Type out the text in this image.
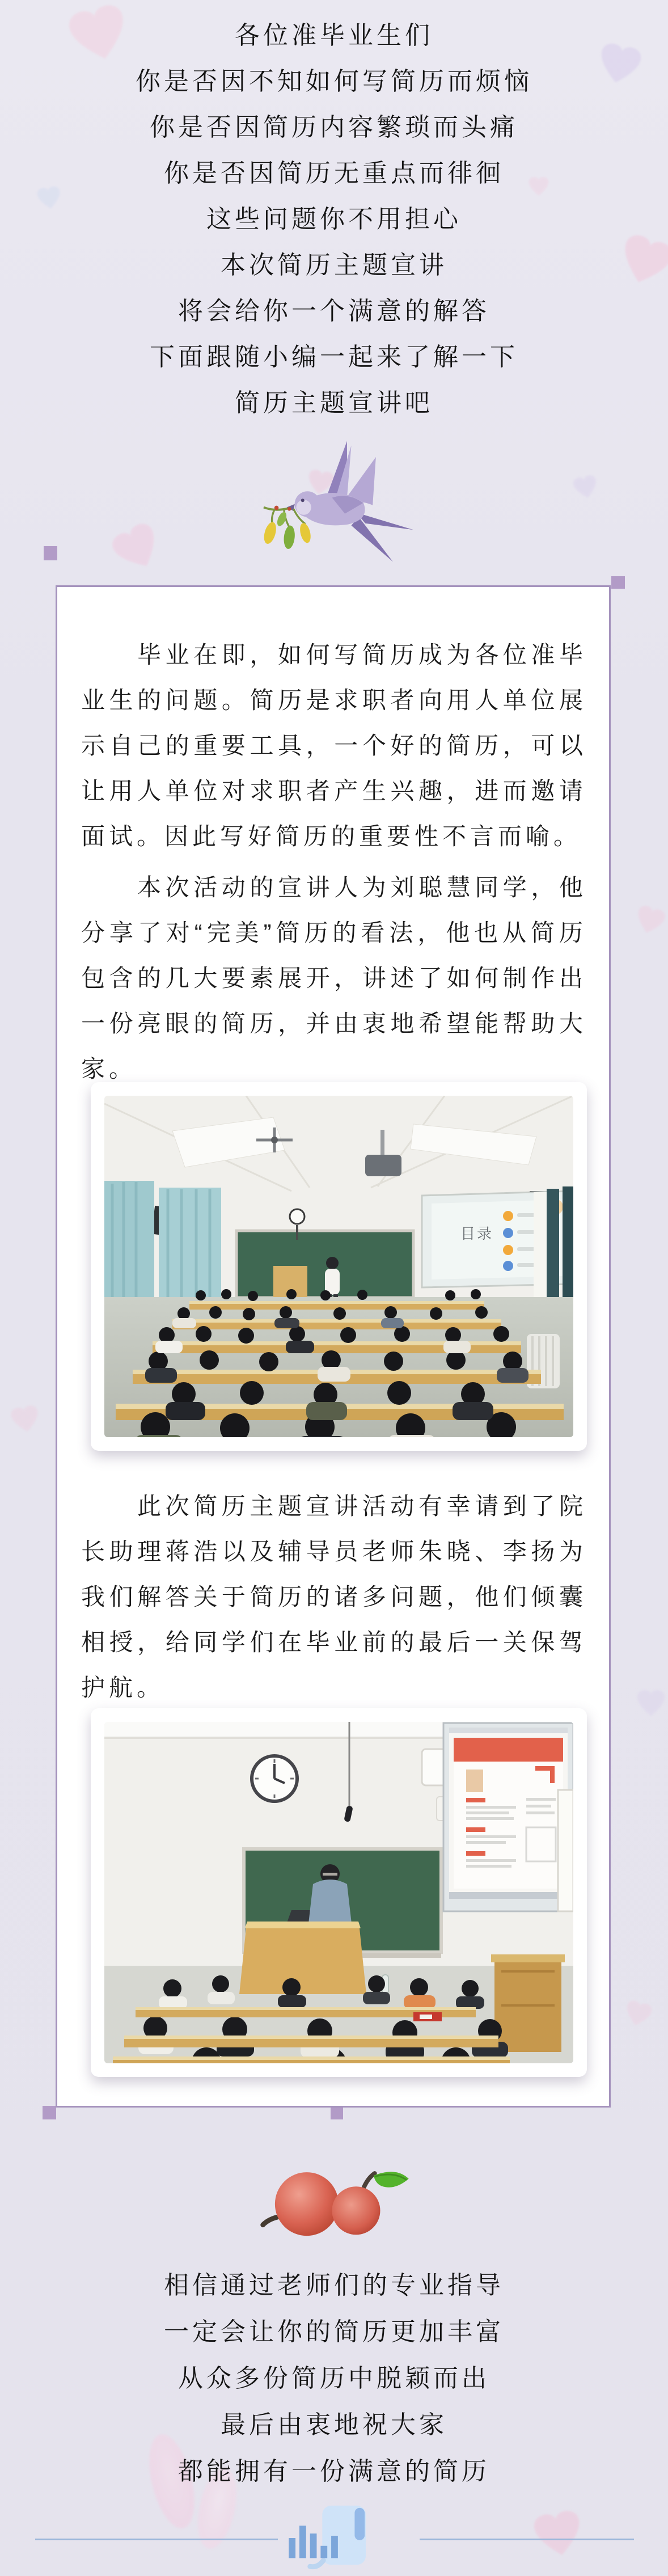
各位准毕业生们
你是否因不知如何写简历而烦恼
你是否因简历内容繁琐而头痛
你是否因简历无重点而徘徊
这些问题你不用担心
本次简历主题宣讲
将会给你一个满意的解答
下面跟随小编一起来了解一下
简历主题宣讲吧

毕业在即，如何写简历成为各位准毕业生的问题。简历是求职者向用人单位展示自己的重要工具，一个好的简历，可以让用人单位对求职者产生兴趣，进而邀请面试。因此写好简历的重要性不言而喻。

本次活动的宣讲人为刘聪慧同学，他分享了对“完美”简历的看法，他也从简历包含的几大要素展开，讲述了如何制作出一份亮眼的简历，并由衷地希望能帮助大家。

目录

此次简历主题宣讲活动有幸请到了院长助理蒋浩以及辅导员老师朱晓、李扬为我们解答关于简历的诸多问题，他们倾囊相授，给同学们在毕业前的最后一关保驾护航。

相信通过老师们的专业指导
一定会让你的简历更加丰富
从众多份简历中脱颖而出
最后由衷地祝大家
都能拥有一份满意的简历
